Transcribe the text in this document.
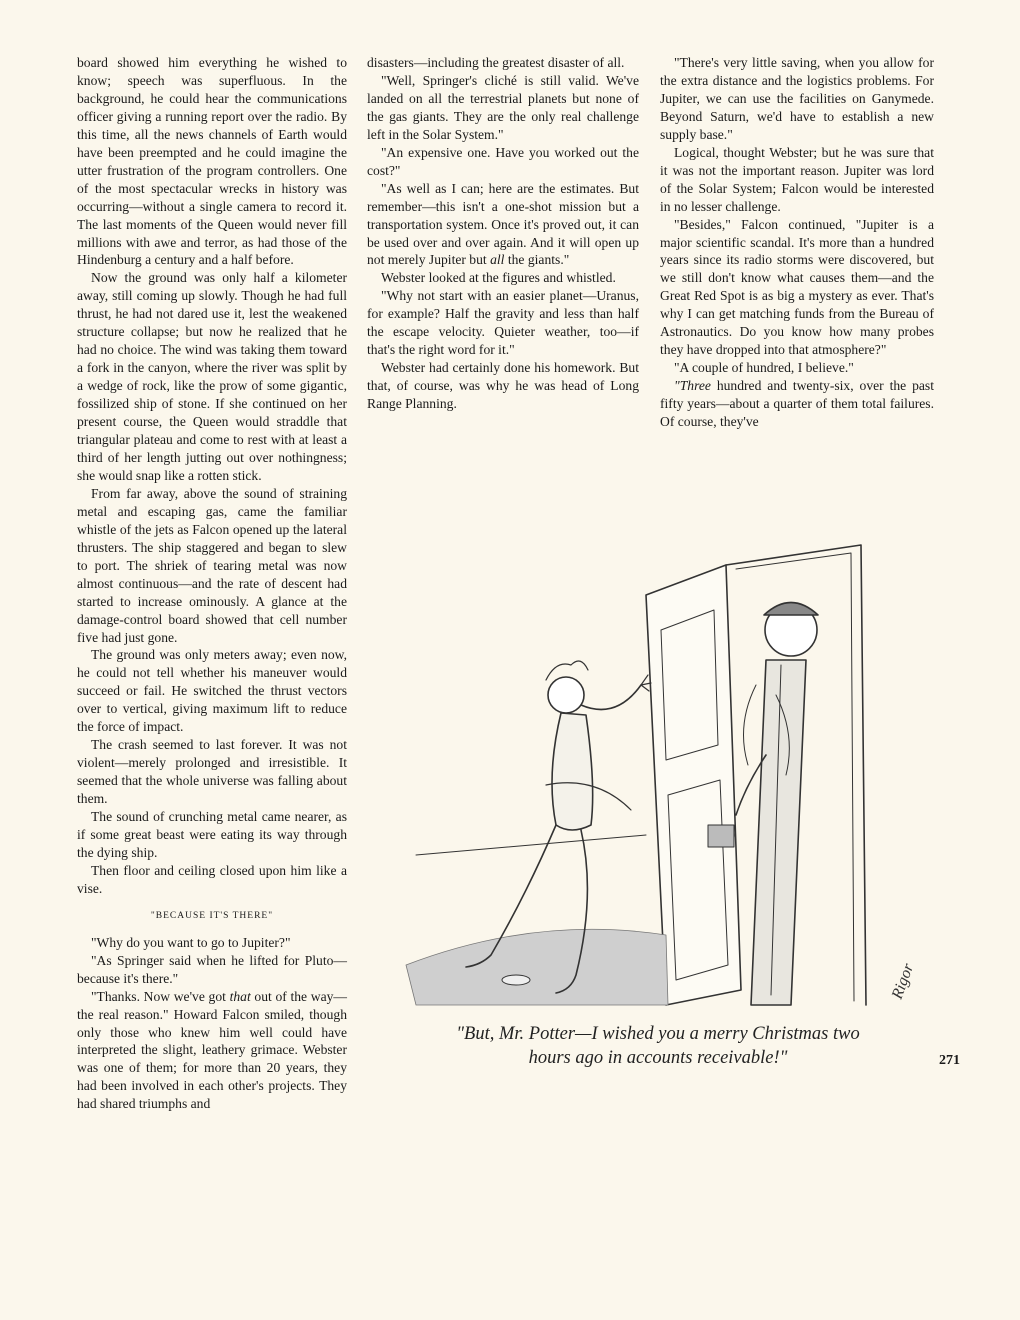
board showed him everything he wished to know; speech was superfluous. In the background, he could hear the communications officer giving a running report over the radio. By this time, all the news channels of Earth would have been preempted and he could imagine the utter frustration of the program controllers. One of the most spectacular wrecks in history was occurring—without a single camera to record it. The last moments of the Queen would never fill millions with awe and terror, as had those of the Hindenburg a century and a half before.

Now the ground was only half a kilometer away, still coming up slowly. Though he had full thrust, he had not dared use it, lest the weakened structure collapse; but now he realized that he had no choice. The wind was taking them toward a fork in the canyon, where the river was split by a wedge of rock, like the prow of some gigantic, fossilized ship of stone. If she continued on her present course, the Queen would straddle that triangular plateau and come to rest with at least a third of her length jutting out over nothingness; she would snap like a rotten stick.

From far away, above the sound of straining metal and escaping gas, came the familiar whistle of the jets as Falcon opened up the lateral thrusters. The ship staggered and began to slew to port. The shriek of tearing metal was now almost continuous—and the rate of descent had started to increase ominously. A glance at the damage-control board showed that cell number five had just gone.

The ground was only meters away; even now, he could not tell whether his maneuver would succeed or fail. He switched the thrust vectors over to vertical, giving maximum lift to reduce the force of impact.

The crash seemed to last forever. It was not violent—merely prolonged and irresistible. It seemed that the whole universe was falling about them.

The sound of crunching metal came nearer, as if some great beast were eating its way through the dying ship.

Then floor and ceiling closed upon him like a vise.

"BECAUSE IT'S THERE"

"Why do you want to go to Jupiter?"

"As Springer said when he lifted for Pluto—because it's there."

"Thanks. Now we've got that out of the way—the real reason." Howard Falcon smiled, though only those who knew him well could have interpreted the slight, leathery grimace. Webster was one of them; for more than 20 years, they had been involved in each other's projects. They had shared triumphs and

disasters—including the greatest disaster of all.

"Well, Springer's cliché is still valid. We've landed on all the terrestrial planets but none of the gas giants. They are the only real challenge left in the Solar System."

"An expensive one. Have you worked out the cost?"

"As well as I can; here are the estimates. But remember—this isn't a one-shot mission but a transportation system. Once it's proved out, it can be used over and over again. And it will open up not merely Jupiter but all the giants."

Webster looked at the figures and whistled.

"Why not start with an easier planet—Uranus, for example? Half the gravity and less than half the escape velocity. Quieter weather, too—if that's the right word for it."

Webster had certainly done his homework. But that, of course, was why he was head of Long Range Planning.

"There's very little saving, when you allow for the extra distance and the logistics problems. For Jupiter, we can use the facilities on Ganymede. Beyond Saturn, we'd have to establish a new supply base."

Logical, thought Webster; but he was sure that it was not the important reason. Jupiter was lord of the Solar System; Falcon would be interested in no lesser challenge.

"Besides," Falcon continued, "Jupiter is a major scientific scandal. It's more than a hundred years since its radio storms were discovered, but we still don't know what causes them—and the Great Red Spot is as big a mystery as ever. That's why I can get matching funds from the Bureau of Astronautics. Do you know how many probes they have dropped into that atmosphere?"

"A couple of hundred, I believe."

"Three hundred and twenty-six, over the past fifty years—about a quarter of them total failures. Of course, they've

Rigor
"But, Mr. Potter—I wished you a merry Christmas two
hours ago in accounts receivable!"	271
